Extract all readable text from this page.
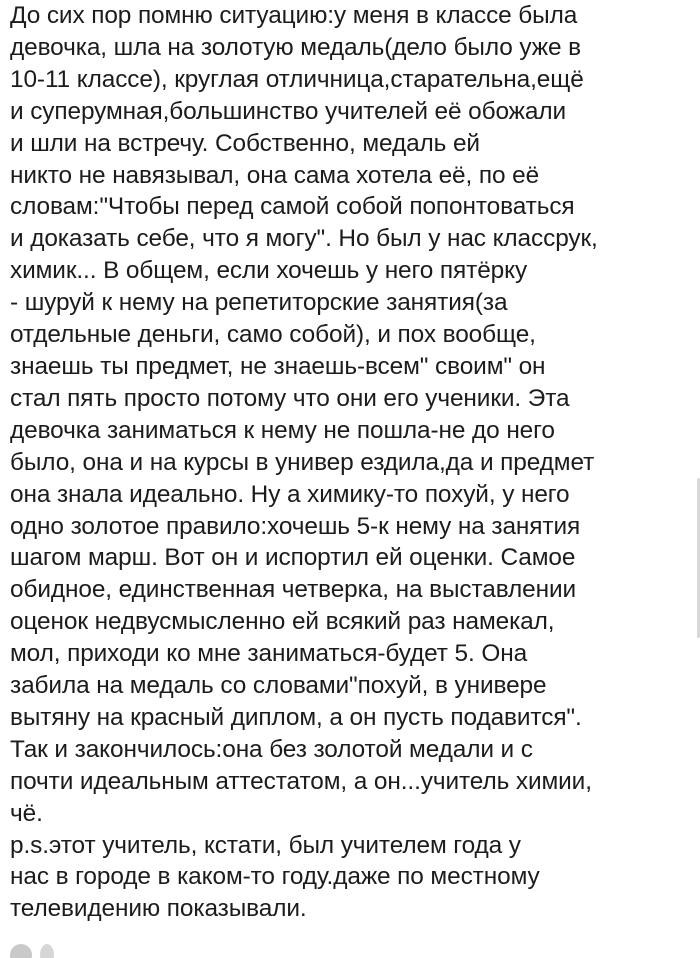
До сих пор помню ситуацию:у меня в классе была
девочка, шла на золотую медаль(дело было уже в
10-11 классе), круглая отличница,старательна,ещё
и суперумная,большинство учителей её обожали
и шли на встречу. Собственно, медаль ей
никто не навязывал, она сама хотела её, по её
словам:"Чтобы перед самой собой попонтоваться
и доказать себе, что я могу". Но был у нас классрук,
химик... В общем, если хочешь у него пятёрку
- шуруй к нему на репетиторские занятия(за
отдельные деньги, само собой), и пох вообще,
знаешь ты предмет, не знаешь-всем" своим" он
стал пять просто потому что они его ученики. Эта
девочка заниматься к нему не пошла-не до него
было, она и на курсы в универ ездила,да и предмет
она знала идеально. Ну а химику-то похуй, у него
одно золотое правило:хочешь 5-к нему на занятия
шагом марш. Вот он и испортил ей оценки. Самое
обидное, единственная четверка, на выставлении
оценок недвусмысленно ей всякий раз намекал,
мол, приходи ко мне заниматься-будет 5. Она
забила на медаль со словами"похуй, в универе
вытяну на красный диплом, а он пусть подавится".
Так и закончилось:она без золотой медали и с
почти идеальным аттестатом, а он...учитель химии,
чё.
p.s.этот учитель, кстати, был учителем года у
нас в городе в каком-то году.даже по местному
телевидению показывали.
